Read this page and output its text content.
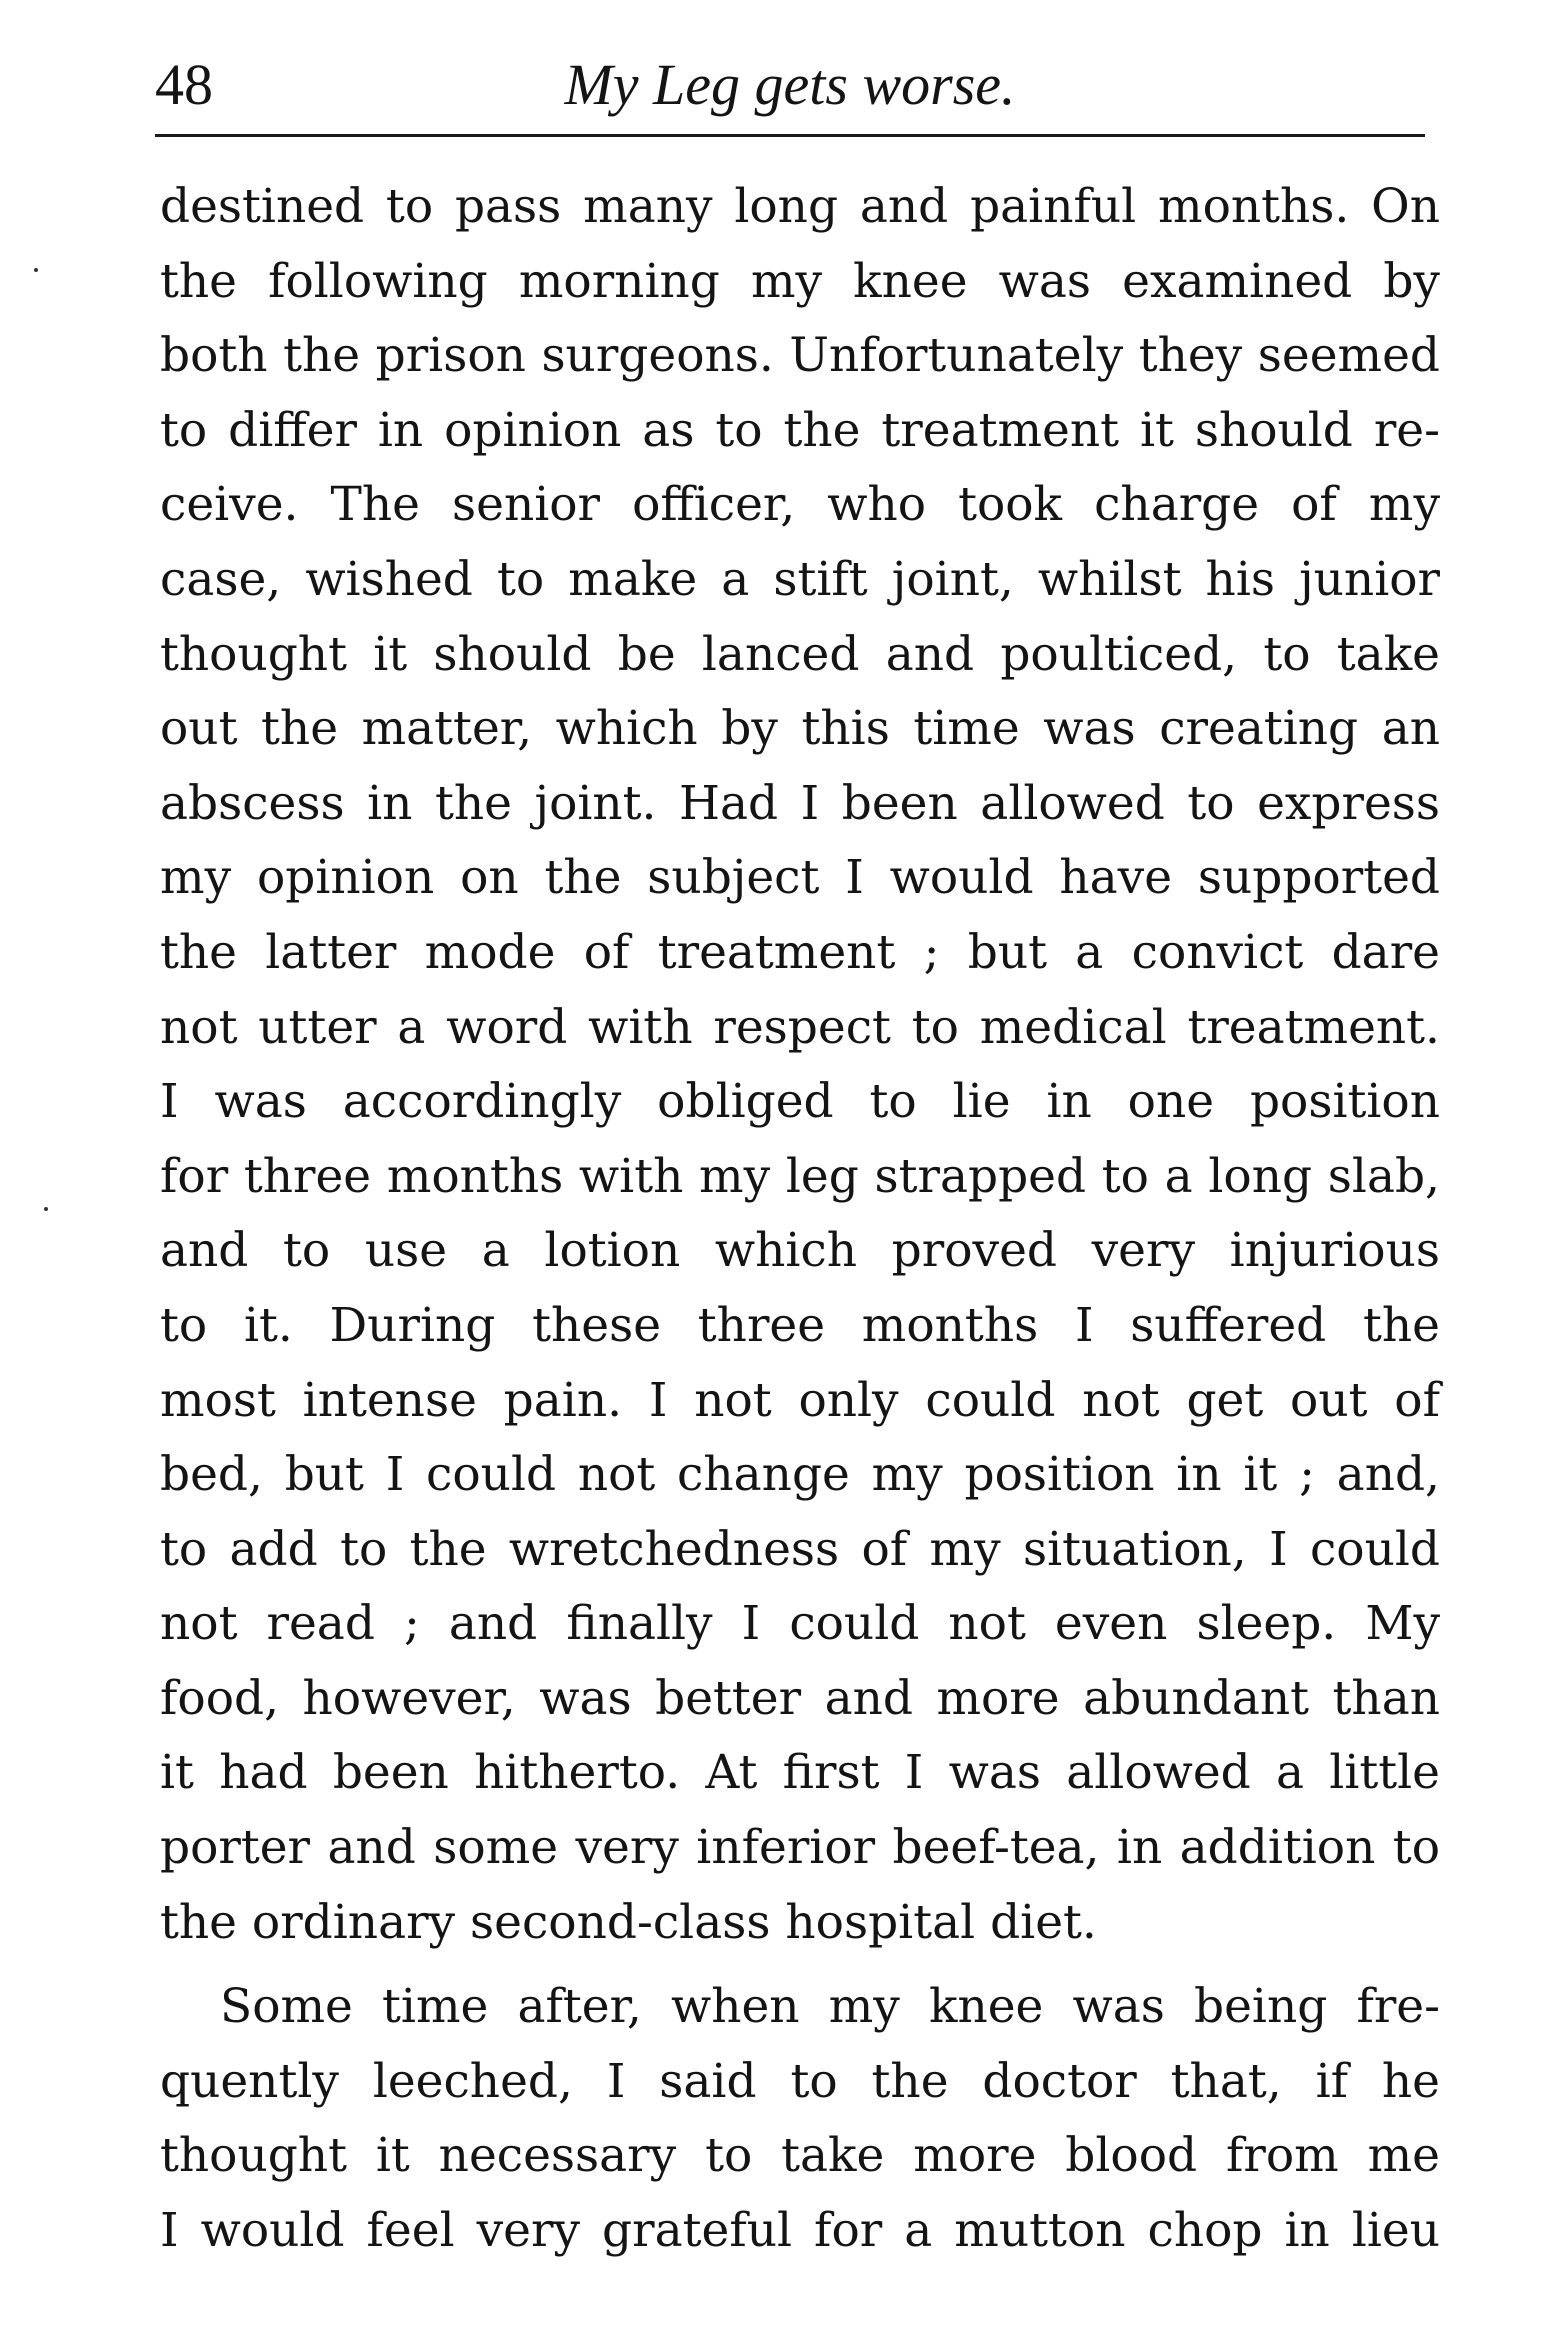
48	My Leg gets worse.
destined to pass many long and painful months. On
the following morning my knee was examined by
both the prison surgeons. Unfortunately they seemed
to differ in opinion as to the treatment it should re-
ceive. The senior officer, who took charge of my
case, wished to make a stift joint, whilst his junior
thought it should be lanced and poulticed, to take
out the matter, which by this time was creating an
abscess in the joint. Had I been allowed to express
my opinion on the subject I would have supported
the latter mode of treatment ; but a convict dare
not utter a word with respect to medical treatment.
I was accordingly obliged to lie in one position
for three months with my leg strapped to a long slab,
and to use a lotion which proved very injurious
to it. During these three months I suffered the
most intense pain. I not only could not get out of
bed, but I could not change my position in it ; and,
to add to the wretchedness of my situation, I could
not read ; and finally I could not even sleep. My
food, however, was better and more abundant than
it had been hitherto. At first I was allowed a little
porter and some very inferior beef-tea, in addition to
the ordinary second-class hospital diet.
Some time after, when my knee was being fre-
quently leeched, I said to the doctor that, if he
thought it necessary to take more blood from me
I would feel very grateful for a mutton chop in lieu
